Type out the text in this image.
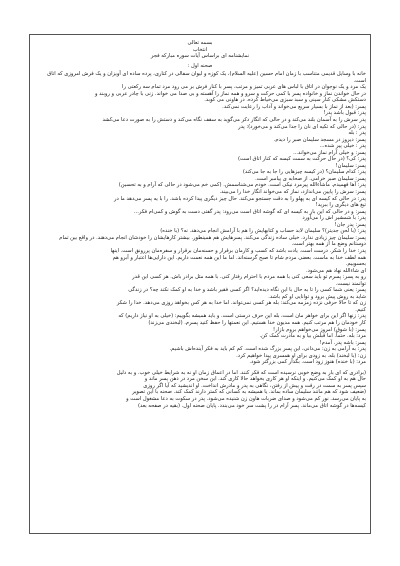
بسمه تعالی

انتخاب

نمایشنامه ای براساس آیات سوره مبارکه فجر

صحنه اول :

خانه با وسایل قدیمی متناسب با زمان امام حسین (علیه السلام)، یک کوزه و لیوان سفالی در کناری، پرده ساده ای آویزان و یک فرش امروزی که اتاق است.

یک مرد و یک نوجوان در اتاق با لباس های عربی تمیز و مرتب، پسر با کنار فرش بر می رود مرد تمام سه رکعتی را

در حال خواندن نماز و خانواده پسر با کمی حرکت و سرو و همه نماز را آهسته و بی صدا می خواند. زنی با چادر عربی و روبند و

دستکش مشکی کنار سینی و سبد سبزی می‌خیاط کرده. در هاونی می کوبد.

پسر: (بعد از نماز با بسیار سریع می‌خواند و آداب را رعایت نمی‌کند.

پدر: قبول باشد پدر!

پدر سرش را به آسمان بلند می‌کند و در حالی که انگار دکر می‌گوید به سقف نگاه می‌کند و دستش را به صورت دعا می‌کشد

پدر: (در حالی که تکیه ای نان را جدا می‌کند و می‌خورد): پدر

پدر : بله

پسر: دیروز در مسجد سلیمان صبر را دیدم.

پدر : خیلی پیر شده...

پسر: و خیلی آرام نماز می‌خواند...

پدر: کی؟ (در حال حرکت به سمت کیسه که کنار اتاق است)

پسر: سلیمان!

پدر: کدام سلیمان؟ (در کیسه چیزهایی را جا به جا می‌کند)

پسر: سلیمان صبر خرامی. از صحابه ی پیامبر است.

پدر: آها فهمیدم. ماشاءالله پیرمرد نیکی است. خودم می‌شناسمش. (کمی خم می‌شود در حالی که آرام و به تحسین)

پسر: سرش را پایین می‌اندازد، نماز که می‌خواند انگار خدا را می‌بیند.

پدر: در حالی که کیسه ای به پهلو را به دقت جستجو می‌کند. حال چیز دیگری پیدا کرده باشد. را با یه پسر می‌دهد ما در

تیغ های دیگری را ببرید!

پسر: و در حالی که این بار به کیسه ای که گوشه اتاق است می‌رود: پدر گفتی دست به گوش و کمی‌ام فکر...

پدر: با شمشیر اش را می‌آورد

پسر: پدر جان!

پدر: (با لحن جدیتر)؟ سلیمان لابد حساب و کتابهایش را هم با آرامش انجام می‌دهد. نه؟ (با خنده)

پسر: سلیمان چیز زیادی ندارد. خیلی ساده زندگی می‌کند. پسرهایش هم همینطور. بیشتر کارهایشان را خودشان انجام می‌دهند. در واقع بین تمام

دوستانم وضع ما از همه بهتر است.

پدر: خدا را شکر. درست است. یادت باشد که کسب و کارمان برقرار و حسنه‌مان برقرار و سفره‌مان پررونق است. اینها

همه لطف خدا به ماست. بعضی مردم شام تا صبح گرسنه‌اند. اما ما این همه نعمت داریم. این دارایی‌ها اعتبار و آبرو هم

بحسوبیم.

ای شاءالله نهاد هم می‌شود.

رو به پسر: پسرم تو باید سعی کنی با همه مردم با احترام رفتار کنی. با همه مثل برادر باش. هر کسی این قدر

توانمند نیست.

پسر: یعنی شما کسی را تا به حال با این نگاه دیده‌اید؟ اگر کسی فقیر باشد و خدا به او کمک نکند چه؟ در زندگی

شاید به روش پیش برود و توانایی او کم باشد.

زن که تا حالا حرفی نزده زمزمه می‌کند: بله هر کسی نمی‌تواند. اما خدا به هر کس بخواهد روزی می‌دهد. خدا را شکر

کنیم.

پدر: زنها اگر این برای خواهر مان است، بله این حرف درستی است. و باید همیشه بگوییم: (خیلی به او نیاز داریم) که

کار خودمان را هم مرتب کنیم. همه مدیون خدا هستیم. این نعمتها را حفظ کنید پسرم. (لبخندی می‌زند)

پسر: (با شوق) امروز می‌خواهم بروم بازار!

مرد: بله. حتماً. اما قبلش بیا و به مادرت کمک کن.

پسر: باشه پدر. آمدم!

پدر: به آرامی به زن: می‌دانی، این پسر بزرگ شده است. کم کم باید به فکر آینده‌اش باشیم.

زن: (با لبخند) بله. به زودی برای او همسری پیدا خواهیم کرد.

مرد: (با خنده) هنوز زود است. بگذار کمی بزرگتر شود.

(برادری که ای بار به وضع خوبی نرسیده است که فکر کنند. اما در اعماق زمان او نه به شرایط خیلی خوب. و به دلیل

حال هم به او کمک می‌کنیم. و اینکه او هر کاری بخواهد حالا کاری کند. این سخن مرد در ذهن پسر ماند و

سپس پسر به سمت در رفت و پیش از رفتن، نگاهی به پدر و مادرش انداخت. او اندیشید که آیا اگر روزی

(ضعیف شود که هم مانند سلیمان ساده بماند. یا همیشه به کسانی که کمتر دارند کمک کند. صحنه با این تصویر

به پایان می‌رسد. نور کم می‌شود و صدای ضربات هاون زن شنیده می‌شود. پدر در سکوت به دعا مشغول است و

کیسه‌ها در گوشه اتاق می‌ماند. پسر آرام در را پشت سر خود می‌بندد. پایان صحنه اول. (بقیه در صفحه بعد)
